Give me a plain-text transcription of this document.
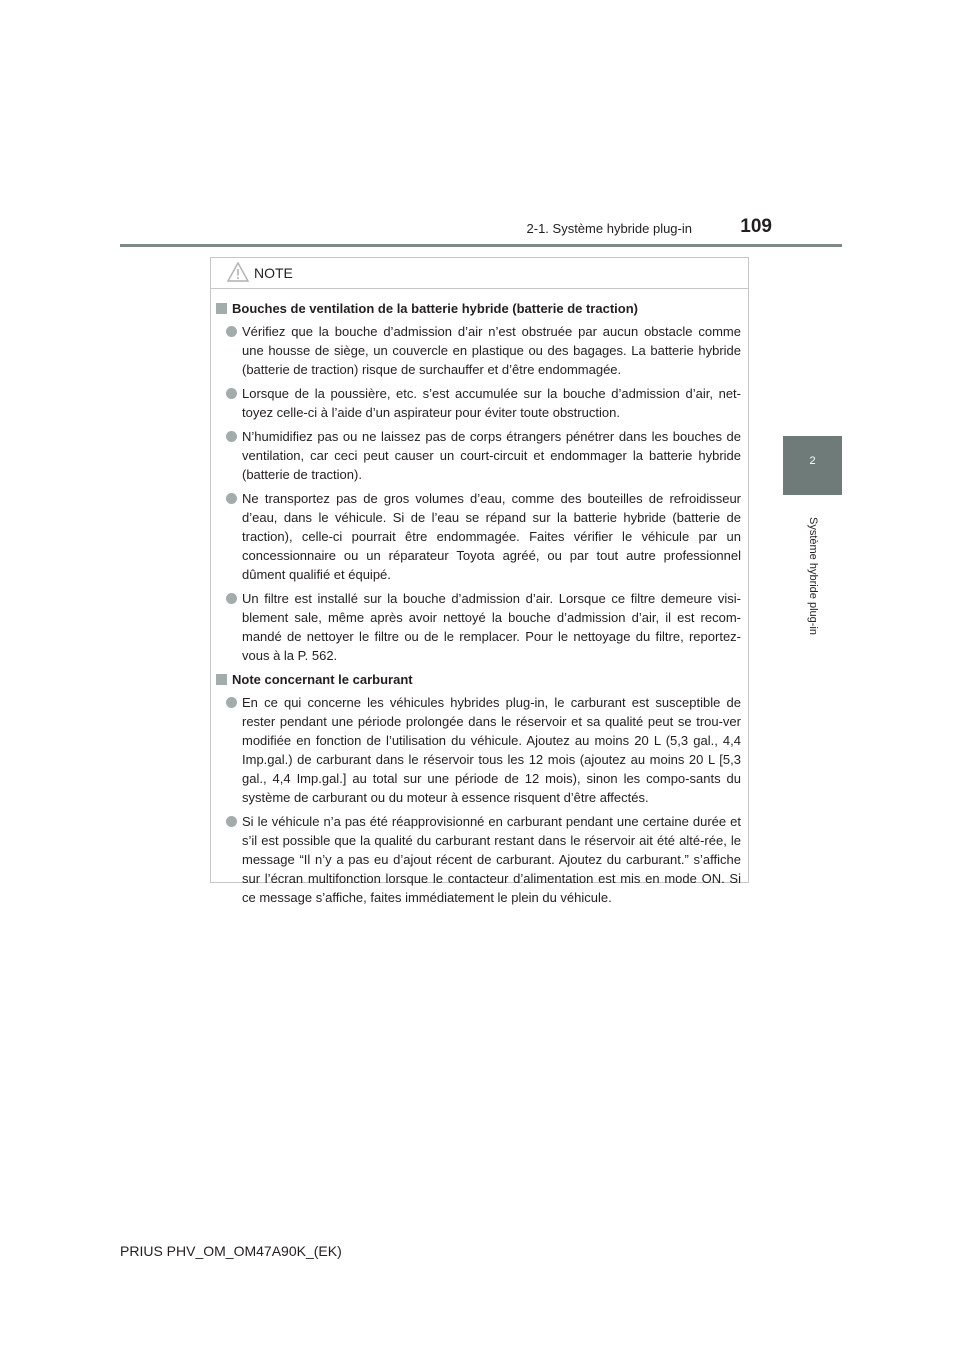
2-1. Système hybride plug-in	109
2
Système hybride plug-in
NOTE
Bouches de ventilation de la batterie hybride (batterie de traction)
Vérifiez que la bouche d’admission d’air n’est obstruée par aucun obstacle comme une housse de siège, un couvercle en plastique ou des bagages. La batterie hybride (batterie de traction) risque de surchauffer et d’être endommagée.
Lorsque de la poussière, etc. s’est accumulée sur la bouche d’admission d’air, net-toyez celle-ci à l’aide d’un aspirateur pour éviter toute obstruction.
N’humidifiez pas ou ne laissez pas de corps étrangers pénétrer dans les bouches de ventilation, car ceci peut causer un court-circuit et endommager la batterie hybride (batterie de traction).
Ne transportez pas de gros volumes d’eau, comme des bouteilles de refroidisseur d’eau, dans le véhicule. Si de l’eau se répand sur la batterie hybride (batterie de traction), celle-ci pourrait être endommagée. Faites vérifier le véhicule par un concessionnaire ou un réparateur Toyota agréé, ou par tout autre professionnel dûment qualifié et équipé.
Un filtre est installé sur la bouche d’admission d’air. Lorsque ce filtre demeure visi-blement sale, même après avoir nettoyé la bouche d’admission d’air, il est recom-mandé de nettoyer le filtre ou de le remplacer. Pour le nettoyage du filtre, reportez-vous à la P. 562.
Note concernant le carburant
En ce qui concerne les véhicules hybrides plug-in, le carburant est susceptible de rester pendant une période prolongée dans le réservoir et sa qualité peut se trou-ver modifiée en fonction de l’utilisation du véhicule. Ajoutez au moins 20 L (5,3 gal., 4,4 Imp.gal.) de carburant dans le réservoir tous les 12 mois (ajoutez au moins 20 L [5,3 gal., 4,4 Imp.gal.] au total sur une période de 12 mois), sinon les compo-sants du système de carburant ou du moteur à essence risquent d’être affectés.
Si le véhicule n’a pas été réapprovisionné en carburant pendant une certaine durée et s’il est possible que la qualité du carburant restant dans le réservoir ait été alté-rée, le message “Il n’y a pas eu d’ajout récent de carburant. Ajoutez du carburant.” s’affiche sur l’écran multifonction lorsque le contacteur d’alimentation est mis en mode ON. Si ce message s’affiche, faites immédiatement le plein du véhicule.
PRIUS PHV_OM_OM47A90K_(EK)
